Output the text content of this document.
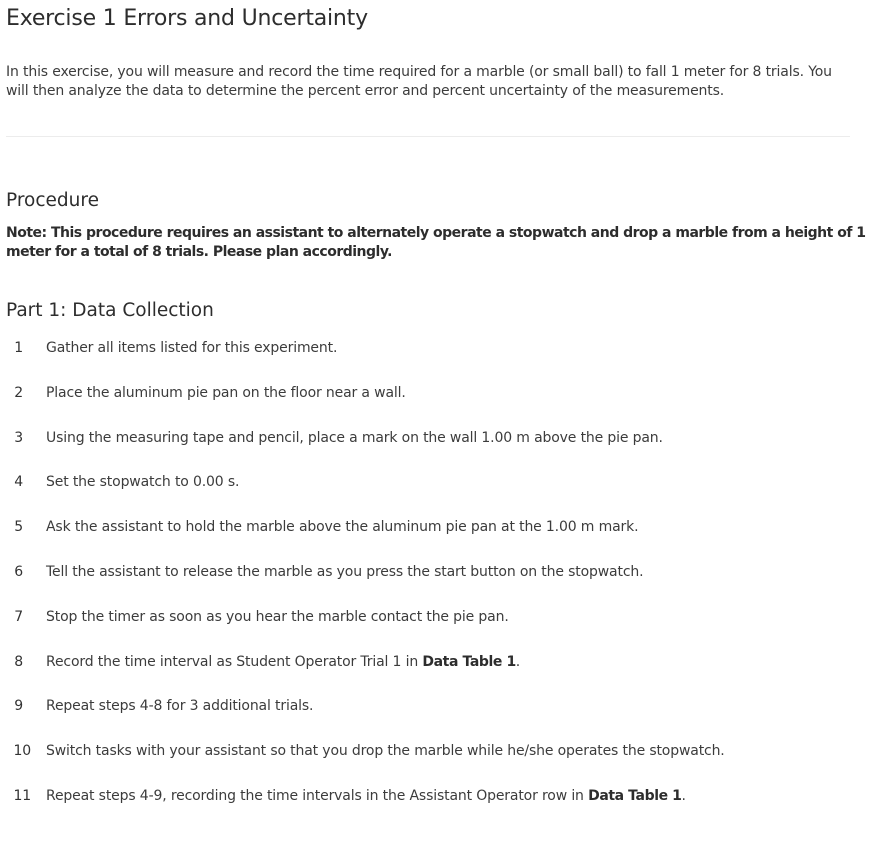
Exercise 1 Errors and Uncertainty

In this exercise, you will measure and record the time required for a marble (or small ball) to fall 1 meter for 8 trials. You will then analyze the data to determine the percent error and percent uncertainty of the measurements.

Procedure

Note: This procedure requires an assistant to alternately operate a stopwatch and drop a marble from a height of 1 meter for a total of 8 trials. Please plan accordingly.

Part 1: Data Collection
1 Gather all items listed for this experiment.
2 Place the aluminum pie pan on the floor near a wall.
3 Using the measuring tape and pencil, place a mark on the wall 1.00 m above the pie pan.
4 Set the stopwatch to 0.00 s.
5 Ask the assistant to hold the marble above the aluminum pie pan at the 1.00 m mark.
6 Tell the assistant to release the marble as you press the start button on the stopwatch.
7 Stop the timer as soon as you hear the marble contact the pie pan.
8 Record the time interval as Student Operator Trial 1 in Data Table 1.
9 Repeat steps 4-8 for 3 additional trials.
10 Switch tasks with your assistant so that you drop the marble while he/she operates the stopwatch.
11 Repeat steps 4-9, recording the time intervals in the Assistant Operator row in Data Table 1.
